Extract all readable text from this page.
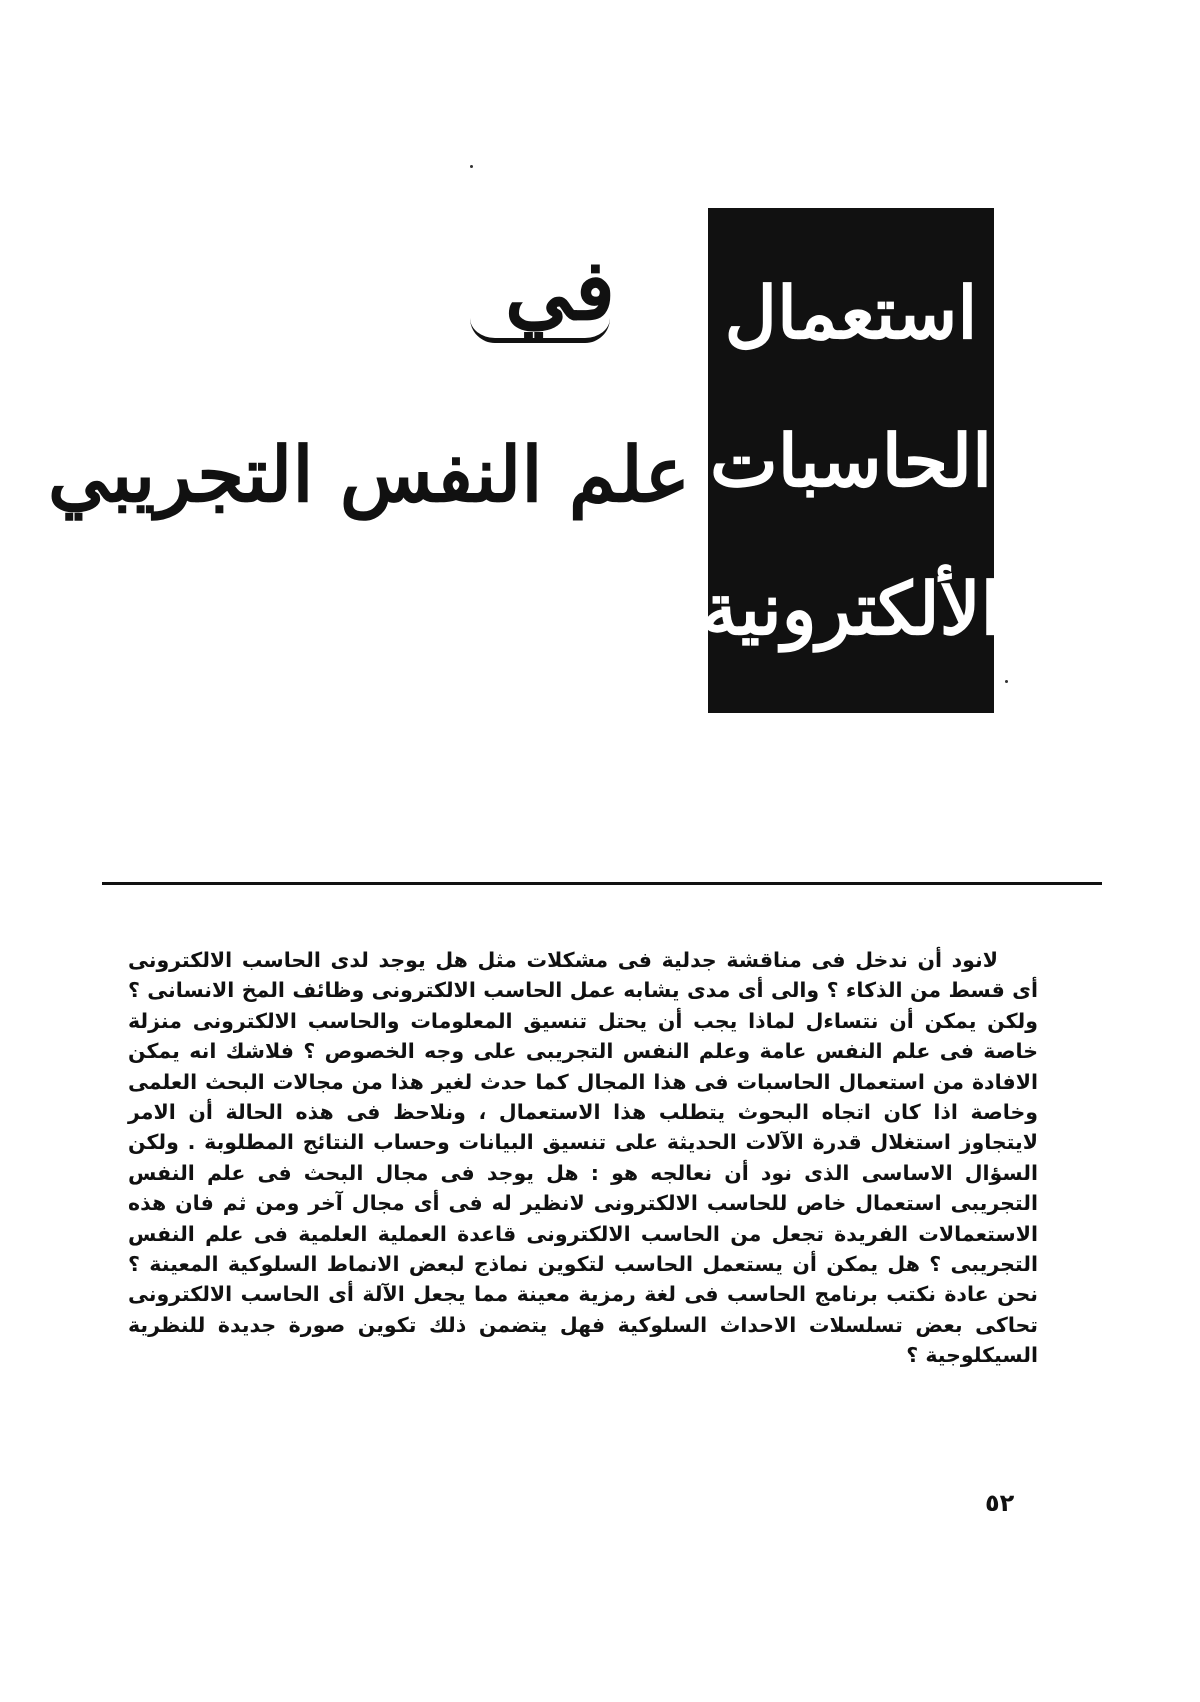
استعمال
الحاسبات
الألكترونية
في
علم النفس التجريبي

لانود أن ندخل فى مناقشة جدلية فى مشكلات مثل هل يوجد لدى الحاسب الالكترونى أى قسط من الذكاء ؟ والى أى مدى يشابه عمل الحاسب الالكترونى وظائف المخ الانسانى ؟ ولكن يمكن أن نتساءل لماذا يجب أن يحتل تنسيق المعلومات والحاسب الالكترونى منزلة خاصة فى علم النفس عامة وعلم النفس التجريبى على وجه الخصوص ؟ فلاشك انه يمكن الافادة من استعمال الحاسبات فى هذا المجال كما حدث لغير هذا من مجالات البحث العلمى وخاصة اذا كان اتجاه البحوث يتطلب هذا الاستعمال ، ونلاحظ فى هذه الحالة أن الامر لايتجاوز استغلال قدرة الآلات الحديثة على تنسيق البيانات وحساب النتائج المطلوبة . ولكن السؤال الاساسى الذى نود أن نعالجه هو : هل يوجد فى مجال البحث فى علم النفس التجريبى استعمال خاص للحاسب الالكترونى لانظير له فى أى مجال آخر ومن ثم فان هذه الاستعمالات الفريدة تجعل من الحاسب الالكترونى قاعدة العملية العلمية فى علم النفس التجريبى ؟ هل يمكن أن يستعمل الحاسب لتكوين نماذج لبعض الانماط السلوكية المعينة ؟ نحن عادة نكتب برنامج الحاسب فى لغة رمزية معينة مما يجعل الآلة أى الحاسب الالكترونى تحاكى بعض تسلسلات الاحداث السلوكية فهل يتضمن ذلك تكوين صورة جديدة للنظرية السيكلوجية ؟

٥٢
